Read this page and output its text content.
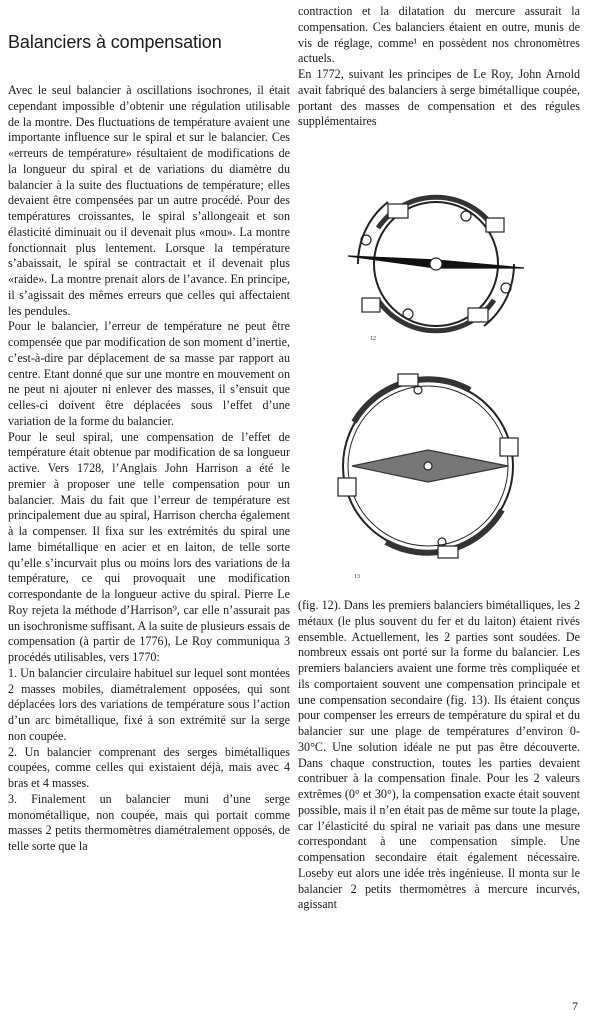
Balanciers à compensation

Avec le seul balancier à oscillations isochrones, il était cependant impossible d’obtenir une régulation utilisable de la montre. Des fluctuations de température avaient une importante influence sur le spiral et sur le balancier. Ces «erreurs de température» résultaient de modifications de la longueur du spiral et de variations du diamètre du balancier à la suite des fluctuations de température; elles devaient être compensées par un autre procédé. Pour des températures croissantes, le spiral s’allongeait et son élasticité diminuait ou il devenait plus «mou». La montre fonctionnait plus lentement. Lorsque la température s’abaissait, le spiral se contractait et il devenait plus «raide». La montre prenait alors de l’avance. En principe, il s’agissait des mêmes erreurs que celles qui affectaient les pendules.

Pour le balancier, l’erreur de température ne peut être compensée que par modification de son moment d’inertie, c’est-à-dire par déplacement de sa masse par rapport au centre. Etant donné que sur une montre en mouvement on ne peut ni ajouter ni enlever des masses, il s’ensuit que celles-ci doivent être déplacées sous l’effet d’une variation de la forme du balancier.

Pour le seul spiral, une compensation de l’effet de température était obtenue par modification de sa longueur active. Vers 1728, l’Anglais John Harrison a été le premier à proposer une telle compensation pour un balancier. Mais du fait que l’erreur de température est principalement due au spiral, Harrison chercha également à la compenser. Il fixa sur les extrémités du spiral une lame bimétallique en acier et en laiton, de telle sorte qu’elle s’incurvait plus ou moins lors des variations de la température, ce qui provoquait une modification correspondante de la longueur active du spiral. Pierre Le Roy rejeta la méthode d’Harrison⁹, car elle n’assurait pas un isochronisme suffisant. A la suite de plusieurs essais de compensation (à partir de 1776), Le Roy communiqua 3 procédés utilisables, vers 1770:

1. Un balancier circulaire habituel sur lequel sont montées 2 masses mobiles, diamétralement opposées, qui sont déplacées lors des variations de température sous l’action d’un arc bimétallique, fixé à son extrémité sur la serge non coupée.

2. Un balancier comprenant des serges bimétalliques coupées, comme celles qui existaient déjà, mais avec 4 bras et 4 masses.

3. Finalement un balancier muni d’une serge monométallique, non coupée, mais qui portait comme masses 2 petits thermomètres diamétralement opposés, de telle sorte que la

contraction et la dilatation du mercure assurait la compensation. Ces balanciers étaient en outre, munis de vis de réglage, comme¹ en possèdent nos chronomètres actuels.

En 1772, suivant les principes de Le Roy, John Arnold avait fabriqué des balanciers à serge bimétallique coupée, portant des masses de compensation et des régules supplémentaires

12
13

(fig. 12). Dans les premiers balanciers bimétalliques, les 2 métaux (le plus souvent du fer et du laiton) étaient rivés ensemble. Actuellement, les 2 parties sont soudées. De nombreux essais ont porté sur la forme du balancier. Les premiers balanciers avaient une forme très compliquée et ils comportaient souvent une compensation principale et une compensation secondaire (fig. 13). Ils étaient conçus pour compenser les erreurs de température du spiral et du balancier sur une plage de températures d’environ 0-30°C. Une solution idéale ne put pas être découverte. Dans chaque construction, toutes les parties devaient contribuer à la compensation finale. Pour les 2 valeurs extrêmes (0° et 30°), la compensation exacte était souvent possible, mais il n’en était pas de même sur toute la plage, car l’élasticité du spiral ne variait pas dans une mesure correspondant à une compensation simple. Une compensation secondaire était également nécessaire. Loseby eut alors une idée très ingénieuse. Il monta sur le balancier 2 petits thermomètres à mercure incurvés, agissant

7
